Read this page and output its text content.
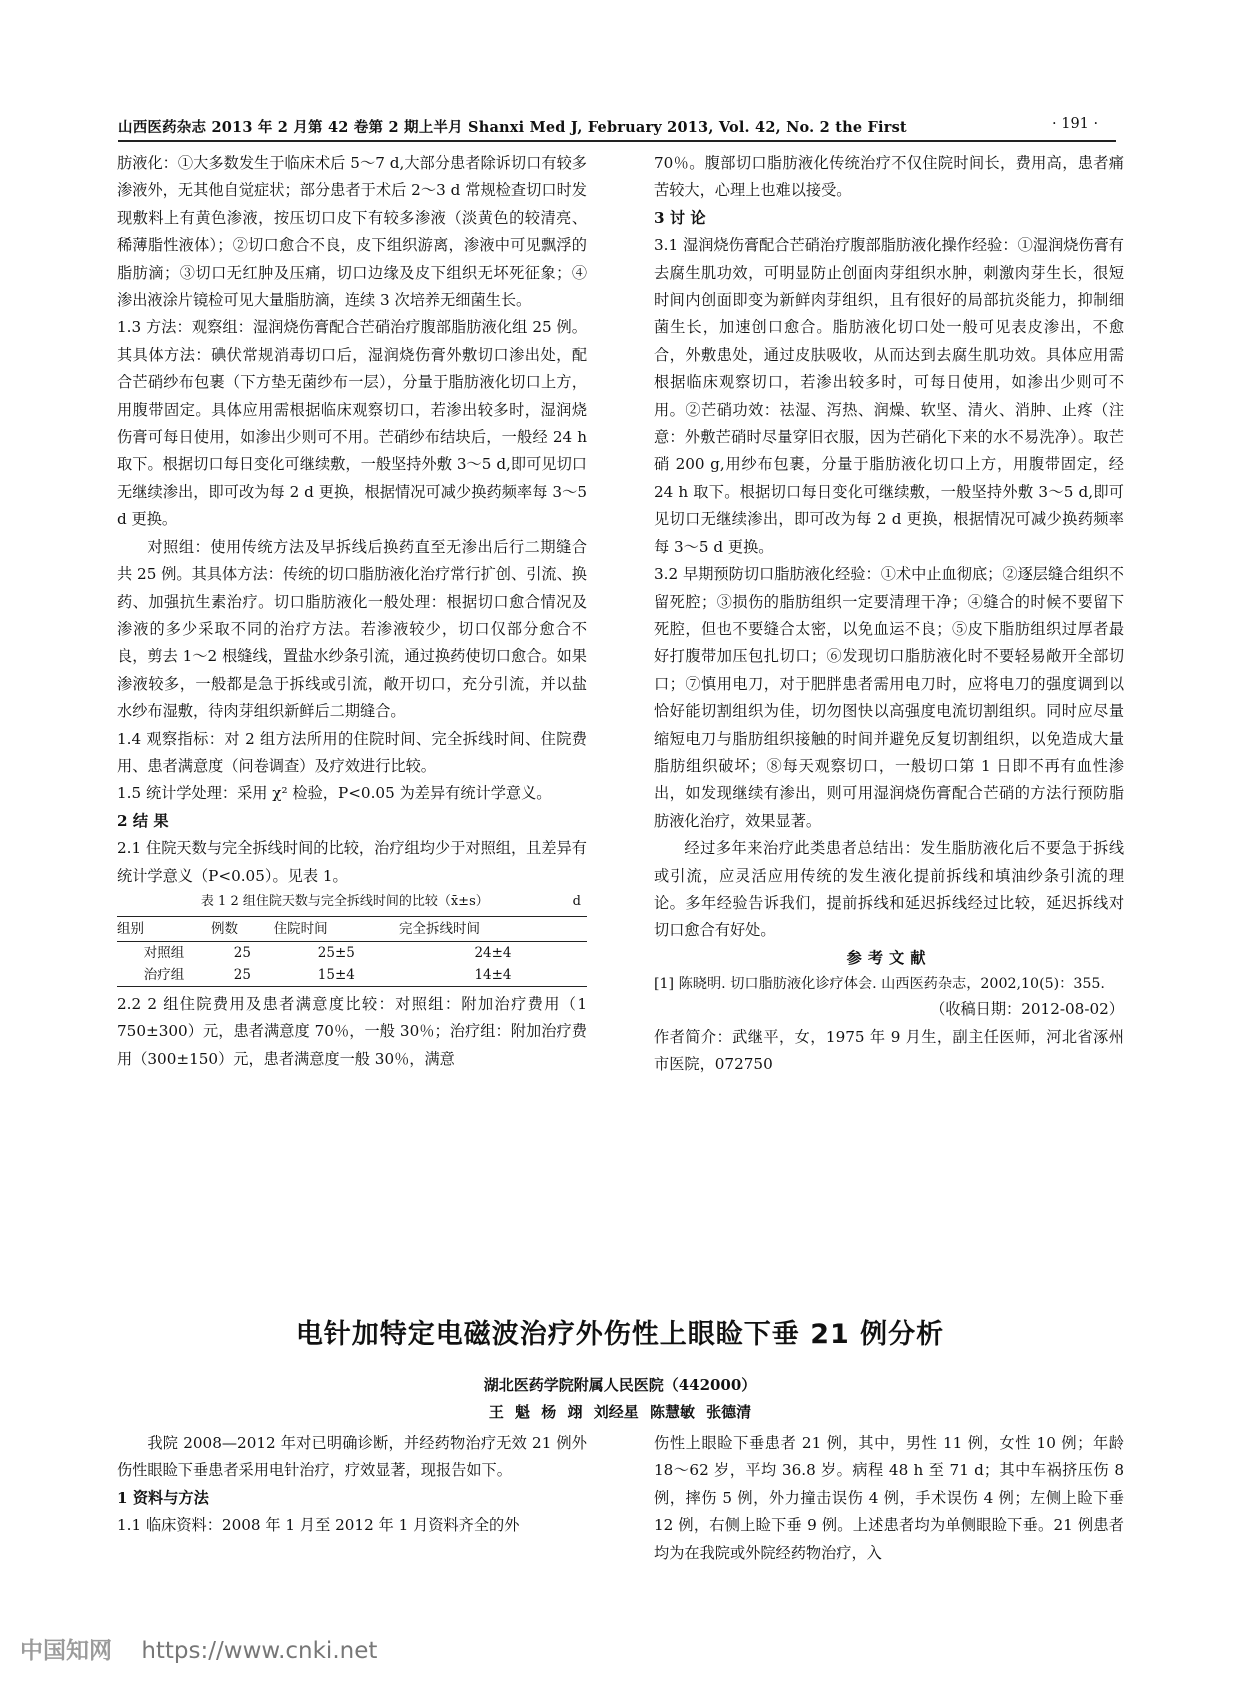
山西医药杂志 2013 年 2 月第 42 卷第 2 期上半月 Shanxi Med J, February 2013, Vol. 42, No. 2 the First	· 191 ·

肪液化：①大多数发生于临床术后 5～7 d,大部分患者除诉切口有较多渗液外，无其他自觉症状；部分患者于术后 2～3 d 常规检查切口时发现敷料上有黄色渗液，按压切口皮下有较多渗液（淡黄色的较清亮、稀薄脂性液体）；②切口愈合不良，皮下组织游离，渗液中可见飘浮的脂肪滴；③切口无红肿及压痛，切口边缘及皮下组织无坏死征象；④渗出液涂片镜检可见大量脂肪滴，连续 3 次培养无细菌生长。

1.3 方法：观察组：湿润烧伤膏配合芒硝治疗腹部脂肪液化组 25 例。其具体方法：碘伏常规消毒切口后，湿润烧伤膏外敷切口渗出处，配合芒硝纱布包裹（下方垫无菌纱布一层），分量于脂肪液化切口上方，用腹带固定。具体应用需根据临床观察切口，若渗出较多时，湿润烧伤膏可每日使用，如渗出少则可不用。芒硝纱布结块后，一般经 24 h 取下。根据切口每日变化可继续敷，一般坚持外敷 3～5 d,即可见切口无继续渗出，即可改为每 2 d 更换，根据情况可减少换药频率每 3～5 d 更换。

对照组：使用传统方法及早拆线后换药直至无渗出后行二期缝合共 25 例。其具体方法：传统的切口脂肪液化治疗常行扩创、引流、换药、加强抗生素治疗。切口脂肪液化一般处理：根据切口愈合情况及渗液的多少采取不同的治疗方法。若渗液较少，切口仅部分愈合不良，剪去 1～2 根缝线，置盐水纱条引流，通过换药使切口愈合。如果渗液较多，一般都是急于拆线或引流，敞开切口，充分引流，并以盐水纱布湿敷，待肉芽组织新鲜后二期缝合。

1.4 观察指标：对 2 组方法所用的住院时间、完全拆线时间、住院费用、患者满意度（问卷调查）及疗效进行比较。

1.5 统计学处理：采用 χ² 检验，P<0.05 为差异有统计学意义。

2 结 果

2.1 住院天数与完全拆线时间的比较，治疗组均少于对照组，且差异有统计学意义（P<0.05）。见表 1。

表 1 2 组住院天数与完全拆线时间的比较（x̄±s）	d
组别	例数	住院时间	完全拆线时间
对照组	25	25±5	24±4
治疗组	25	15±4	14±4

2.2 2 组住院费用及患者满意度比较：对照组：附加治疗费用（1 750±300）元，患者满意度 70％，一般 30％；治疗组：附加治疗费用（300±150）元，患者满意度一般 30％，满意

70％。腹部切口脂肪液化传统治疗不仅住院时间长，费用高，患者痛苦较大，心理上也难以接受。

3 讨 论

3.1 湿润烧伤膏配合芒硝治疗腹部脂肪液化操作经验：①湿润烧伤膏有去腐生肌功效，可明显防止创面肉芽组织水肿，刺激肉芽生长，很短时间内创面即变为新鲜肉芽组织，且有很好的局部抗炎能力，抑制细菌生长，加速创口愈合。脂肪液化切口处一般可见表皮渗出，不愈合，外敷患处，通过皮肤吸收，从而达到去腐生肌功效。具体应用需根据临床观察切口，若渗出较多时，可每日使用，如渗出少则可不用。②芒硝功效：祛湿、泻热、润燥、软坚、清火、消肿、止疼（注意：外敷芒硝时尽量穿旧衣服，因为芒硝化下来的水不易洗净）。取芒硝 200 g,用纱布包裹，分量于脂肪液化切口上方，用腹带固定，经 24 h 取下。根据切口每日变化可继续敷，一般坚持外敷 3～5 d,即可见切口无继续渗出，即可改为每 2 d 更换，根据情况可减少换药频率每 3～5 d 更换。

3.2 早期预防切口脂肪液化经验：①术中止血彻底；②逐层缝合组织不留死腔；③损伤的脂肪组织一定要清理干净；④缝合的时候不要留下死腔，但也不要缝合太密，以免血运不良；⑤皮下脂肪组织过厚者最好打腹带加压包扎切口；⑥发现切口脂肪液化时不要轻易敞开全部切口；⑦慎用电刀，对于肥胖患者需用电刀时，应将电刀的强度调到以恰好能切割组织为佳，切勿图快以高强度电流切割组织。同时应尽量缩短电刀与脂肪组织接触的时间并避免反复切割组织，以免造成大量脂肪组织破坏；⑧每天观察切口，一般切口第 1 日即不再有血性渗出，如发现继续有渗出，则可用湿润烧伤膏配合芒硝的方法行预防脂肪液化治疗，效果显著。

经过多年来治疗此类患者总结出：发生脂肪液化后不要急于拆线或引流，应灵活应用传统的发生液化提前拆线和填油纱条引流的理论。多年经验告诉我们，提前拆线和延迟拆线经过比较，延迟拆线对切口愈合有好处。

参考文献

[1] 陈晓明. 切口脂肪液化诊疗体会. 山西医药杂志，2002,10(5)：355.

（收稿日期：2012-08-02）

作者简介：武继平，女，1975 年 9 月生，副主任医师，河北省涿州市医院，072750

电针加特定电磁波治疗外伤性上眼睑下垂 21 例分析
湖北医药学院附属人民医院（442000）
王 魁 杨 翊 刘经星 陈慧敏 张德清

我院 2008—2012 年对已明确诊断，并经药物治疗无效 21 例外伤性眼睑下垂患者采用电针治疗，疗效显著，现报告如下。

1 资料与方法

1.1 临床资料：2008 年 1 月至 2012 年 1 月资料齐全的外

伤性上眼睑下垂患者 21 例，其中，男性 11 例，女性 10 例；年龄 18～62 岁，平均 36.8 岁。病程 48 h 至 71 d；其中车祸挤压伤 8 例，摔伤 5 例，外力撞击误伤 4 例，手术误伤 4 例；左侧上睑下垂 12 例，右侧上睑下垂 9 例。上述患者均为单侧眼睑下垂。21 例患者均为在我院或外院经药物治疗，入

中国知网 https://www.cnki.net
